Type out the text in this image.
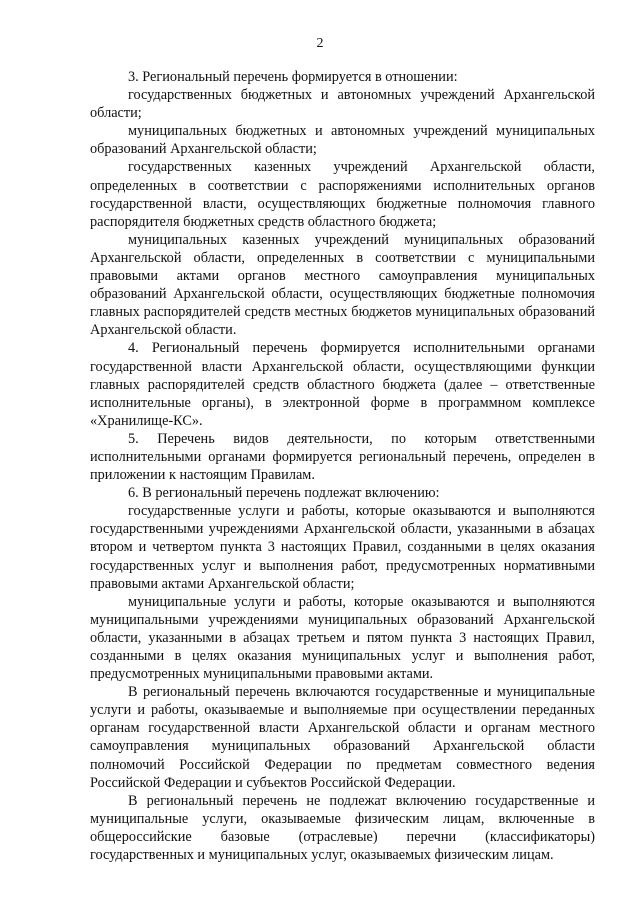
2

3. Региональный перечень формируется в отношении:

государственных бюджетных и автономных учреждений Архангельской области;

муниципальных бюджетных и автономных учреждений муниципальных образований Архангельской области;

государственных казенных учреждений Архангельской области, определенных в соответствии с распоряжениями исполнительных органов государственной власти, осуществляющих бюджетные полномочия главного распорядителя бюджетных средств областного бюджета;

муниципальных казенных учреждений муниципальных образований Архангельской области, определенных в соответствии с муниципальными правовыми актами органов местного самоуправления муниципальных образований Архангельской области, осуществляющих бюджетные полномочия главных распорядителей средств местных бюджетов муниципальных образований Архангельской области.

4. Региональный перечень формируется исполнительными органами государственной власти Архангельской области, осуществляющими функции главных распорядителей средств областного бюджета (далее – ответственные исполнительные органы), в электронной форме в программном комплексе «Хранилище-КС».

5. Перечень видов деятельности, по которым ответственными исполнительными органами формируется региональный перечень, определен в приложении к настоящим Правилам.

6. В региональный перечень подлежат включению:

государственные услуги и работы, которые оказываются и выполняются государственными учреждениями Архангельской области, указанными в абзацах втором и четвертом пункта 3 настоящих Правил, созданными в целях оказания государственных услуг и выполнения работ, предусмотренных нормативными правовыми актами Архангельской области;

муниципальные услуги и работы, которые оказываются и выполняются муниципальными учреждениями муниципальных образований Архангельской области, указанными в абзацах третьем и пятом пункта 3 настоящих Правил, созданными в целях оказания муниципальных услуг и выполнения работ, предусмотренных муниципальными правовыми актами.

В региональный перечень включаются государственные и муниципальные услуги и работы, оказываемые и выполняемые при осуществлении переданных органам государственной власти Архангельской области и органам местного самоуправления муниципальных образований Архангельской области полномочий Российской Федерации по предметам совместного ведения Российской Федерации и субъектов Российской Федерации.

В региональный перечень не подлежат включению государственные и муниципальные услуги, оказываемые физическим лицам, включенные в общероссийские базовые (отраслевые) перечни (классификаторы) государственных и муниципальных услуг, оказываемых физическим лицам.
